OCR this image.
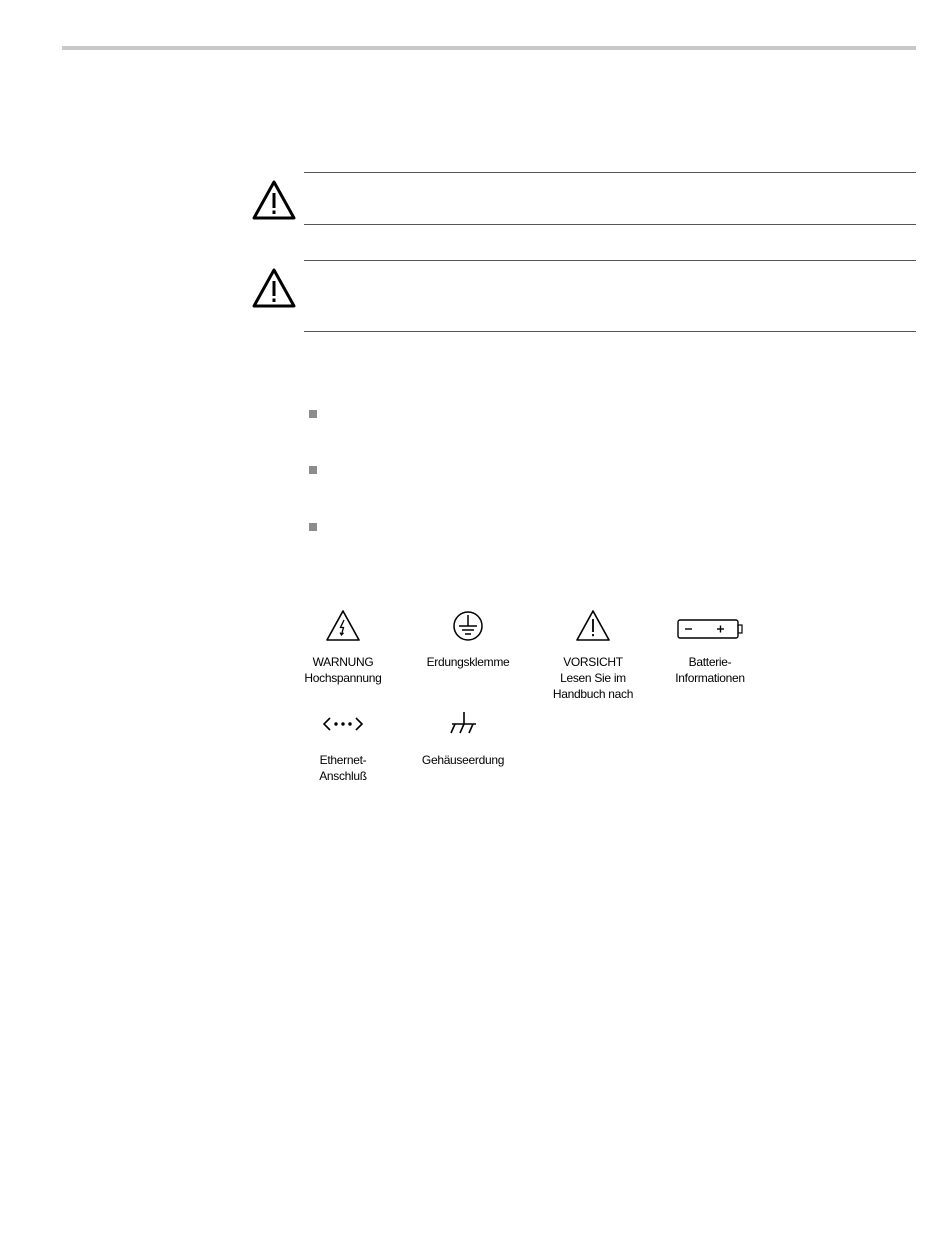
WARNUNG
Hochspannung
Erdungsklemme	VORSICHT
Lesen Sie im
Handbuch nach
Batterie-
Informationen
Ethernet-
Anschluß
Gehäuseerdung
